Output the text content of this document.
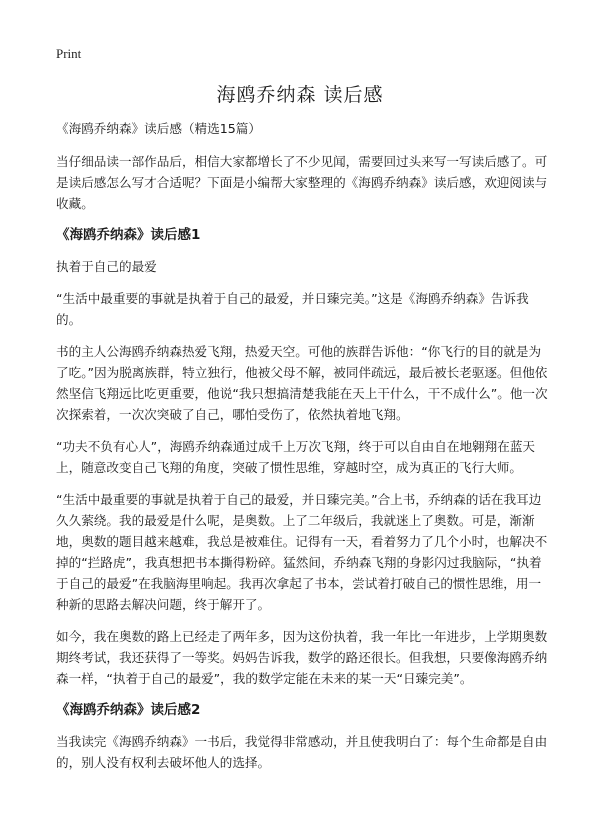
Print
海鸥乔纳森 读后感

《海鸥乔纳森》读后感（精选15篇）

当仔细品读一部作品后，相信大家都增长了不少见闻，需要回过头来写一写读后感了。可是读后感怎么写才合适呢？下面是小编帮大家整理的《海鸥乔纳森》读后感，欢迎阅读与收藏。

《海鸥乔纳森》读后感1

执着于自己的最爱

“生活中最重要的事就是执着于自己的最爱，并日臻完美。”这是《海鸥乔纳森》告诉我的。

书的主人公海鸥乔纳森热爱飞翔，热爱天空。可他的族群告诉他：“你飞行的目的就是为了吃。”因为脱离族群，特立独行，他被父母不解，被同伴疏远，最后被长老驱逐。但他依然坚信飞翔远比吃更重要，他说“我只想搞清楚我能在天上干什么，干不成什么”。他一次次探索着，一次次突破了自己，哪怕受伤了，依然执着地飞翔。

“功夫不负有心人”，海鸥乔纳森通过成千上万次飞翔，终于可以自由自在地翱翔在蓝天上，随意改变自己飞翔的角度，突破了惯性思维，穿越时空，成为真正的飞行大师。

“生活中最重要的事就是执着于自己的最爱，并日臻完美。”合上书，乔纳森的话在我耳边久久萦绕。我的最爱是什么呢，是奥数。上了二年级后，我就迷上了奥数。可是，渐渐地，奥数的题目越来越难，我总是被难住。记得有一天，看着努力了几个小时，也解决不掉的“拦路虎”，我真想把书本撕得粉碎。猛然间，乔纳森飞翔的身影闪过我脑际，“执着于自己的最爱”在我脑海里响起。我再次拿起了书本，尝试着打破自己的惯性思维，用一种新的思路去解决问题，终于解开了。

如今，我在奥数的路上已经走了两年多，因为这份执着，我一年比一年进步，上学期奥数期终考试，我还获得了一等奖。妈妈告诉我，数学的路还很长。但我想，只要像海鸥乔纳森一样，“执着于自己的最爱”，我的数学定能在未来的某一天“日臻完美”。

《海鸥乔纳森》读后感2

当我读完《海鸥乔纳森》一书后，我觉得非常感动，并且使我明白了：每个生命都是自由的，别人没有权利去破坏他人的选择。
